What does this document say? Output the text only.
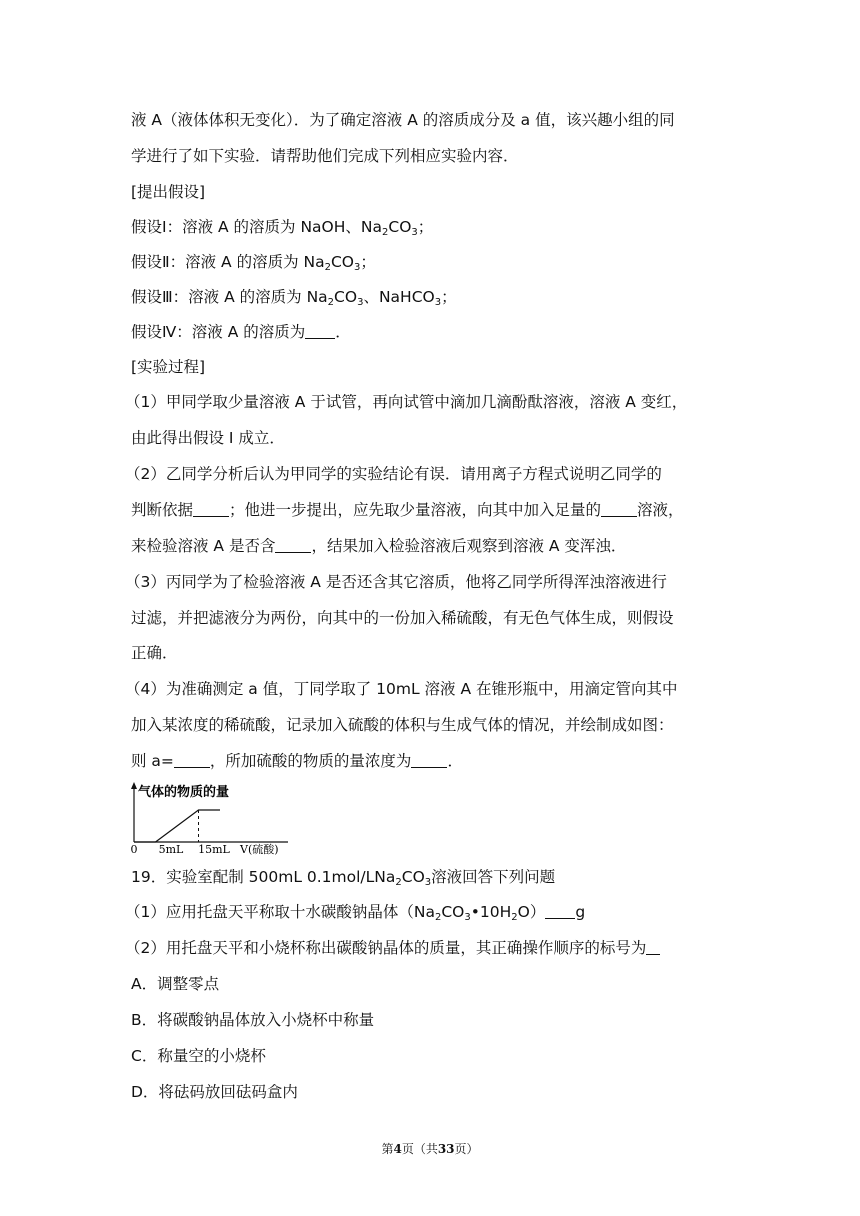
液 A（液体体积无变化）．为了确定溶液 A 的溶质成分及 a 值，该兴趣小组的同
学进行了如下实验．请帮助他们完成下列相应实验内容．
[提出假设]
假设Ⅰ：溶液 A 的溶质为 NaOH、$Na_2CO_3$；
假设Ⅱ：溶液 A 的溶质为 $Na_2CO_3$；
假设Ⅲ：溶液 A 的溶质为 $Na_2CO_3$、NaHCO$_3$；
假设Ⅳ：溶液 A 的溶质为 ．
[实验过程]
（1）甲同学取少量溶液 A 于试管，再向试管中滴加几滴酚酞溶液，溶液 A 变红，
由此得出假设 I 成立．
（2）乙同学分析后认为甲同学的实验结论有误．请用离子方程式说明乙同学的
判断依据 ；他进一步提出，应先取少量溶液，向其中加入足量的 溶液，
来检验溶液 A 是否含 ，结果加入检验溶液后观察到溶液 A 变浑浊．
（3）丙同学为了检验溶液 A 是否还含其它溶质，他将乙同学所得浑浊溶液进行
过滤，并把滤液分为两份，向其中的一份加入稀硫酸，有无色气体生成，则假设
正确．
（4）为准确测定 a 值，丁同学取了 10mL 溶液 A 在锥形瓶中，用滴定管向其中
加入某浓度的稀硫酸，记录加入硫酸的体积与生成气体的情况，并绘制成如图：
则 a= ，所加硫酸的物质的量浓度为 ．
气体的物质的量
0 5mL 15mL V(硫酸)
19．实验室配制 500mL $0.1mol/LNa_2CO_3$溶液回答下列问题
（1）应用托盘天平称取十水碳酸钠晶体$(Na_2CO_3•10H_2O)$ g
（2）用托盘天平和小烧杯称出碳酸钠晶体的质量，其正确操作顺序的标号为
A．调整零点
B．将碳酸钠晶体放入小烧杯中称量
C．称量空的小烧杯
D．将砝码放回砝码盒内
第4页（共33页）
